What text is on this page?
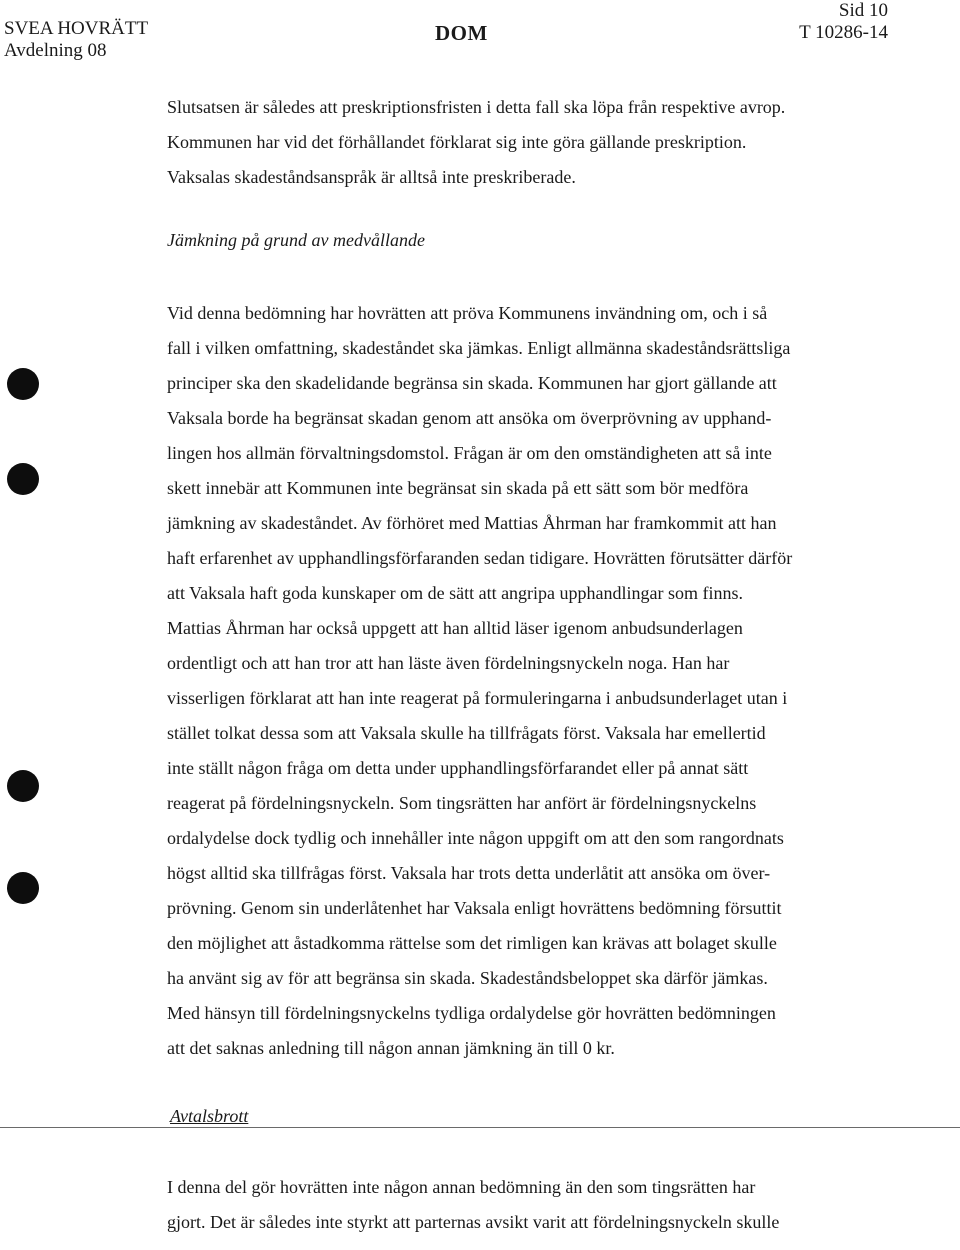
SVEA HOVRÄTT
Avdelning 08
DOM
Sid 10
T 10286-14
Slutsatsen är således att preskriptionsfristen i detta fall ska löpa från respektive avrop.
Kommunen har vid det förhållandet förklarat sig inte göra gällande preskription.
Vaksalas skadeståndsanspråk är alltså inte preskriberade.
Jämkning på grund av medvållande
Vid denna bedömning har hovrätten att pröva Kommunens invändning om, och i så
fall i vilken omfattning, skadeståndet ska jämkas. Enligt allmänna skadeståndsrättsliga
principer ska den skadelidande begränsa sin skada. Kommunen har gjort gällande att
Vaksala borde ha begränsat skadan genom att ansöka om överprövning av upphand-
lingen hos allmän förvaltningsdomstol. Frågan är om den omständigheten att så inte
skett innebär att Kommunen inte begränsat sin skada på ett sätt som bör medföra
jämkning av skadeståndet. Av förhöret med Mattias Åhrman har framkommit att han
haft erfarenhet av upphandlingsförfaranden sedan tidigare. Hovrätten förutsätter därför
att Vaksala haft goda kunskaper om de sätt att angripa upphandlingar som finns.
Mattias Åhrman har också uppgett att han alltid läser igenom anbudsunderlagen
ordentligt och att han tror att han läste även fördelningsnyckeln noga. Han har
visserligen förklarat att han inte reagerat på formuleringarna i anbudsunderlaget utan i
stället tolkat dessa som att Vaksala skulle ha tillfrågats först. Vaksala har emellertid
inte ställt någon fråga om detta under upphandlingsförfarandet eller på annat sätt
reagerat på fördelningsnyckeln. Som tingsrätten har anfört är fördelningsnyckelns
ordalydelse dock tydlig och innehåller inte någon uppgift om att den som rangordnats
högst alltid ska tillfrågas först. Vaksala har trots detta underlåtit att ansöka om över-
prövning. Genom sin underlåtenhet har Vaksala enligt hovrättens bedömning försuttit
den möjlighet att åstadkomma rättelse som det rimligen kan krävas att bolaget skulle
ha använt sig av för att begränsa sin skada. Skadeståndsbeloppet ska därför jämkas.
Med hänsyn till fördelningsnyckelns tydliga ordalydelse gör hovrätten bedömningen
att det saknas anledning till någon annan jämkning än till 0 kr.
Avtalsbrott
I denna del gör hovrätten inte någon annan bedömning än den som tingsrätten har
gjort. Det är således inte styrkt att parternas avsikt varit att fördelningsnyckeln skulle
